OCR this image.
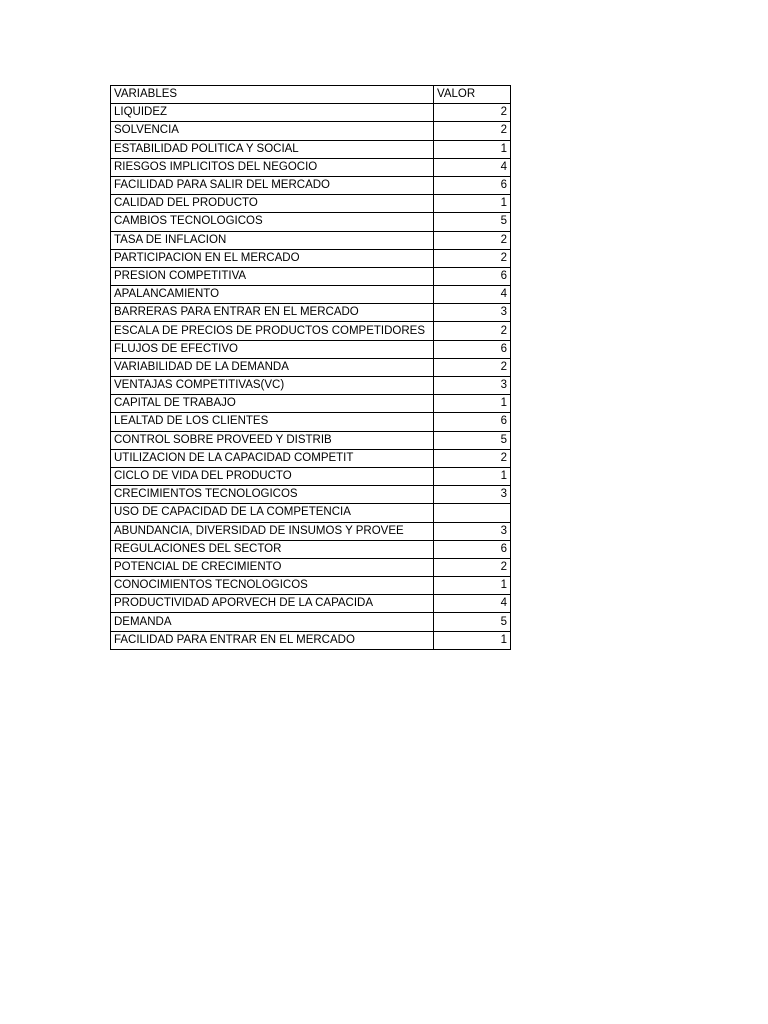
VARIABLES	VALOR
LIQUIDEZ	2
SOLVENCIA	2
ESTABILIDAD POLITICA Y SOCIAL	1
RIESGOS IMPLICITOS DEL NEGOCIO	4
FACILIDAD PARA SALIR DEL MERCADO	6
CALIDAD DEL PRODUCTO	1
CAMBIOS TECNOLOGICOS	5
TASA DE INFLACION	2
PARTICIPACION EN EL MERCADO	2
PRESION COMPETITIVA	6
APALANCAMIENTO	4
BARRERAS PARA ENTRAR EN EL MERCADO	3
ESCALA DE PRECIOS DE PRODUCTOS COMPETIDORES	2
FLUJOS DE EFECTIVO	6
VARIABILIDAD DE LA DEMANDA	2
VENTAJAS COMPETITIVAS(VC)	3
CAPITAL DE TRABAJO	1
LEALTAD DE LOS CLIENTES	6
CONTROL SOBRE PROVEED Y DISTRIB	5
UTILIZACION DE LA CAPACIDAD COMPETIT	2
CICLO DE VIDA DEL PRODUCTO	1
CRECIMIENTOS TECNOLOGICOS	3
USO DE CAPACIDAD DE LA COMPETENCIA	
ABUNDANCIA, DIVERSIDAD DE INSUMOS Y PROVEE	3
REGULACIONES DEL SECTOR	6
POTENCIAL DE CRECIMIENTO	2
CONOCIMIENTOS TECNOLOGICOS	1
PRODUCTIVIDAD APORVECH DE LA CAPACIDA	4
DEMANDA	5
FACILIDAD PARA ENTRAR EN EL MERCADO	1
